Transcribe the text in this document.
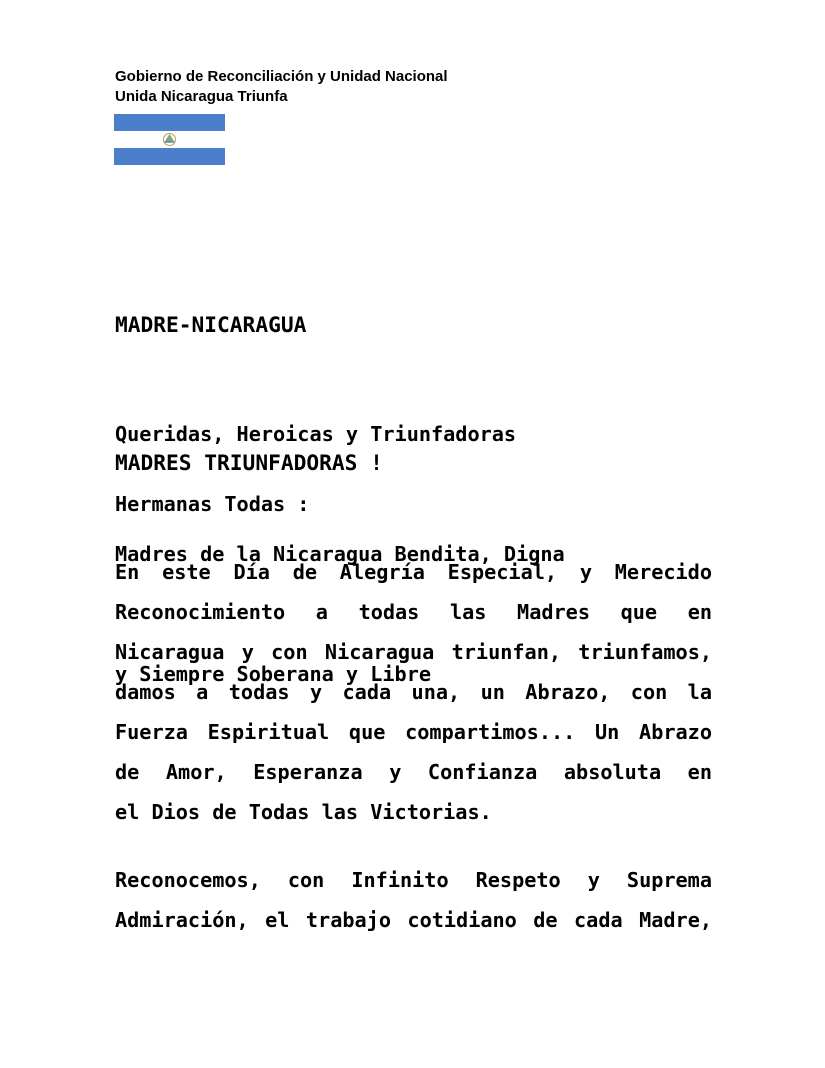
Gobierno de Reconciliación y Unidad Nacional
Unida Nicaragua Triunfa

MADRE-NICARAGUA

MADRES TRIUNFADORAS !

Queridas, Heroicas y Triunfadoras

Madres de la Nicaragua Bendita, Digna

y Siempre Soberana y Libre

Hermanas Todas :
En este Día de Alegría Especial, y Merecido
Reconocimiento a todas las Madres que en
Nicaragua y con Nicaragua triunfan, triunfamos,
damos a todas y cada una, un Abrazo, con la
Fuerza Espiritual que compartimos... Un Abrazo
de Amor, Esperanza y Confianza absoluta en
el Dios de Todas las Victorias.
Reconocemos, con Infinito Respeto y Suprema
Admiración, el trabajo cotidiano de cada Madre,
